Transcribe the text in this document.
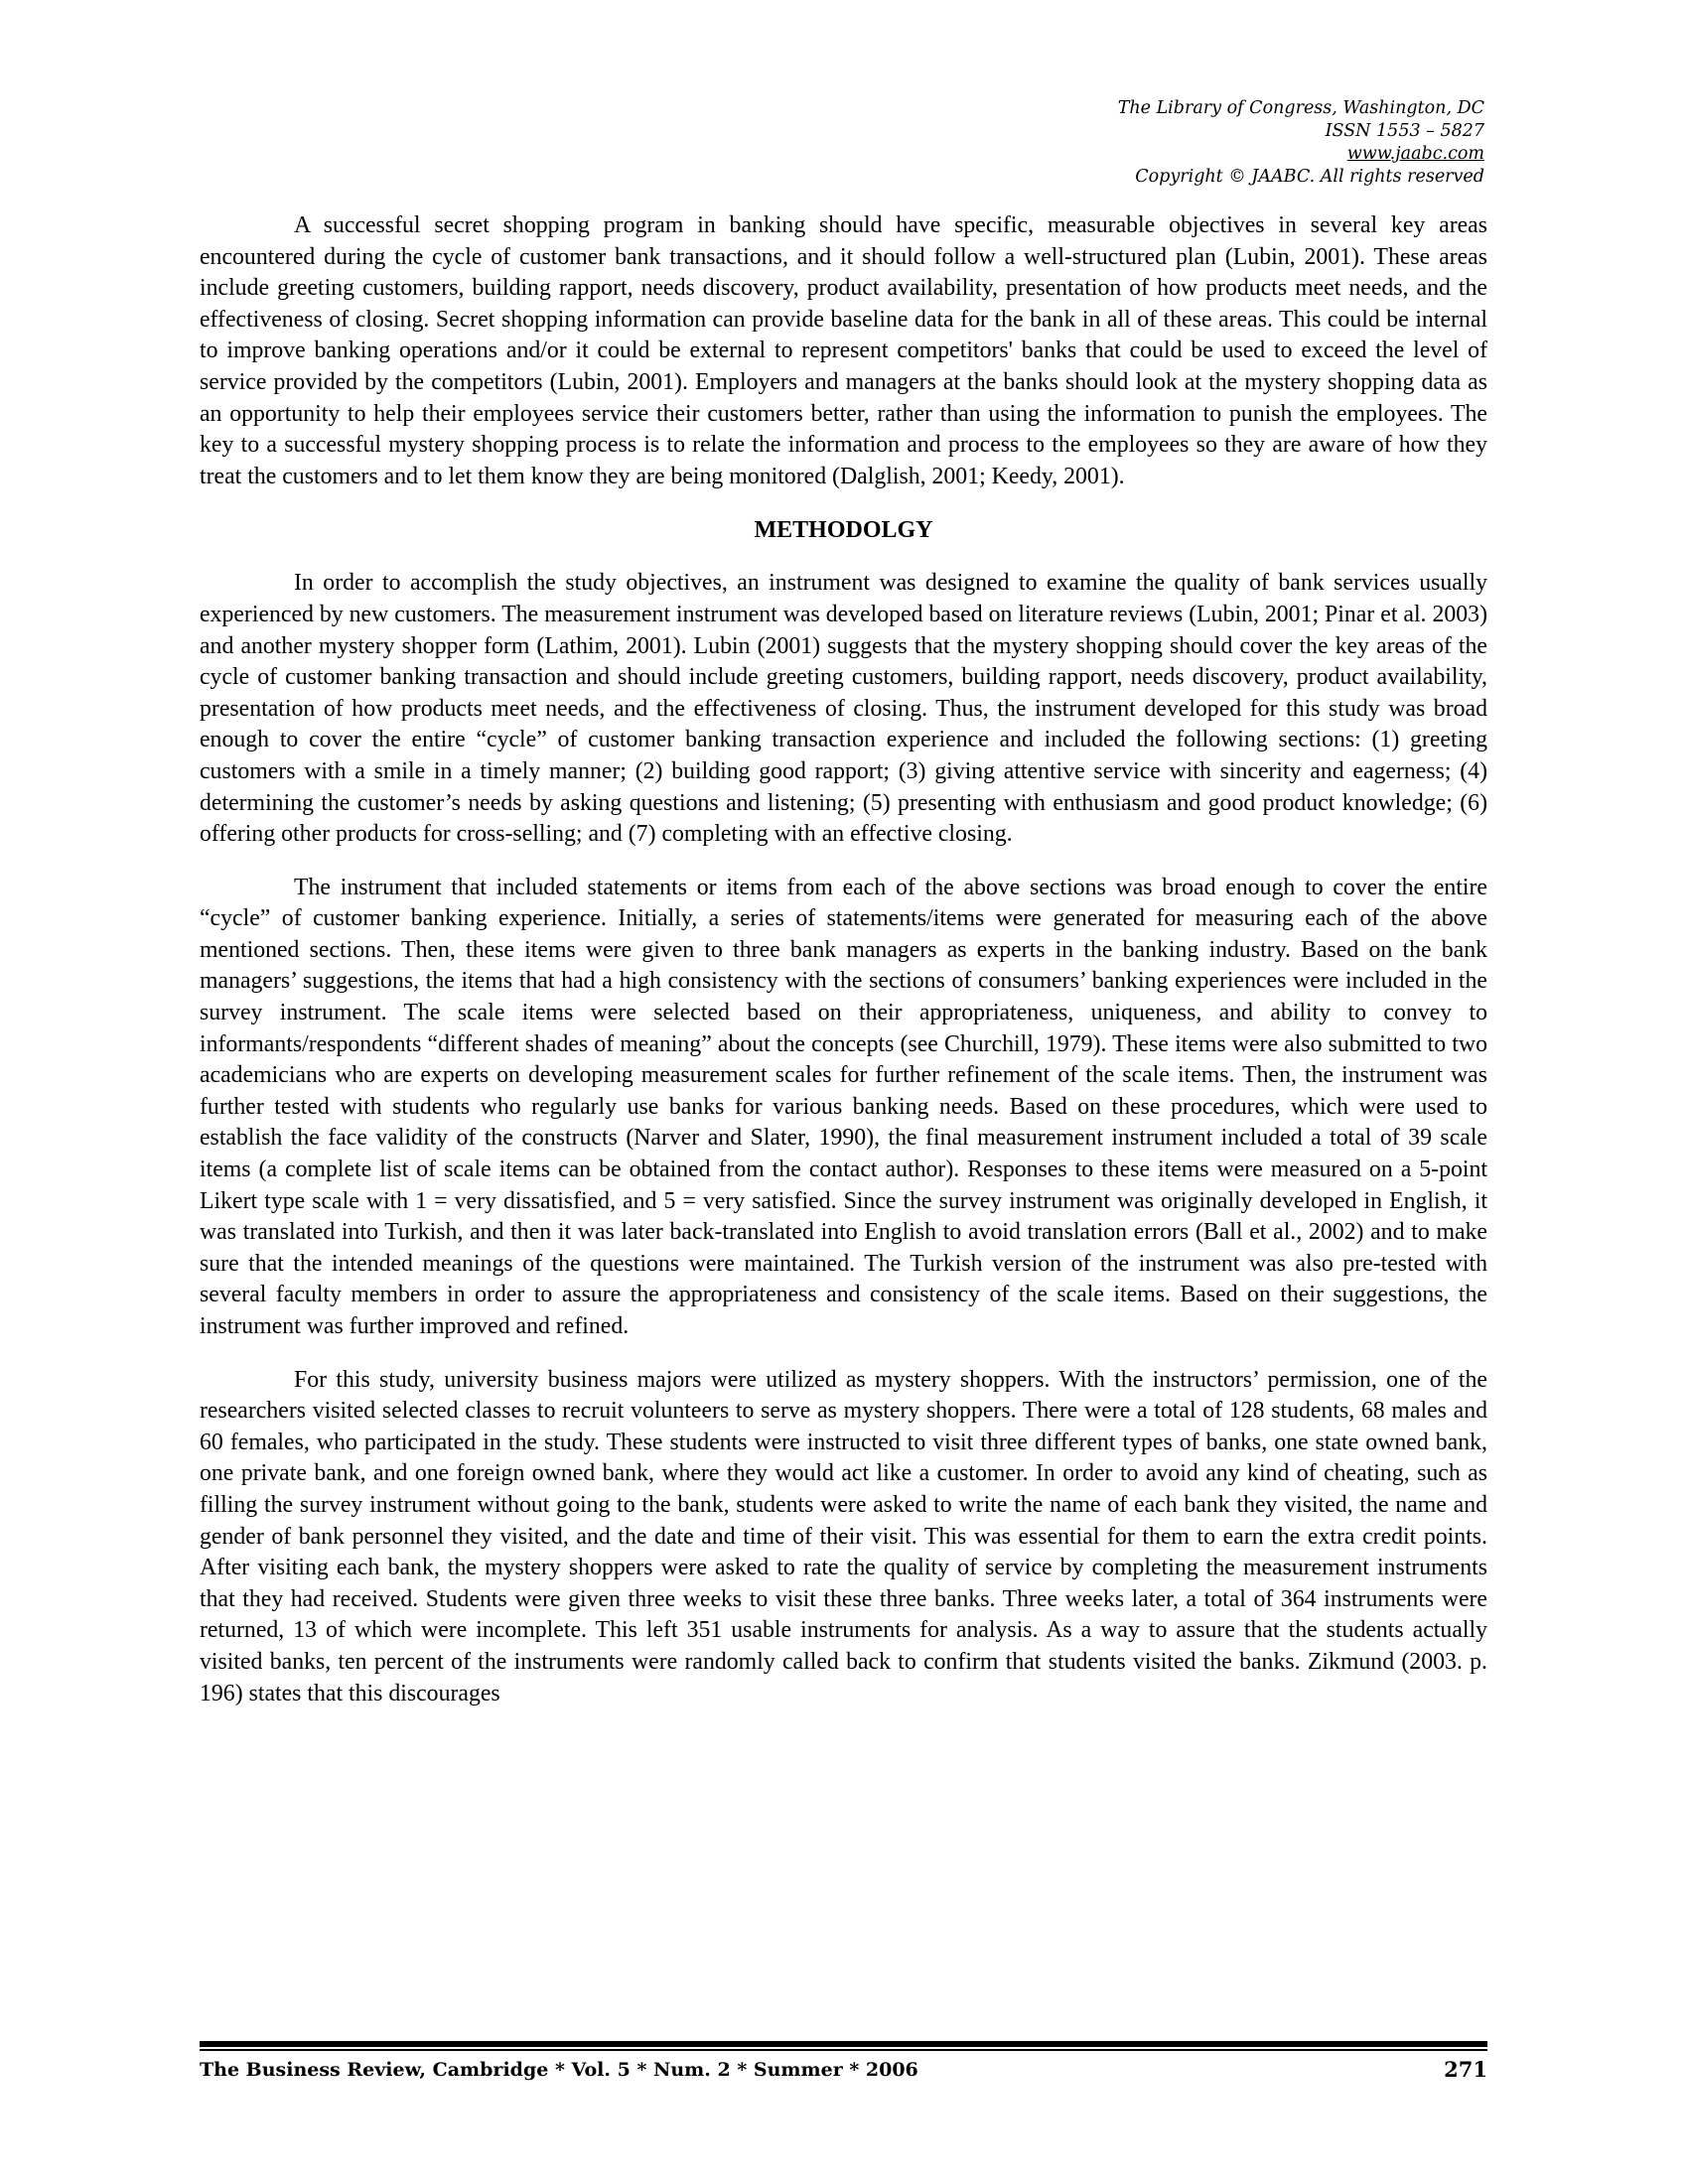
The Library of Congress, Washington, DC
ISSN 1553 – 5827
www.jaabc.com
Copyright © JAABC. All rights reserved

A successful secret shopping program in banking should have specific, measurable objectives in several key areas encountered during the cycle of customer bank transactions, and it should follow a well-structured plan (Lubin, 2001). These areas include greeting customers, building rapport, needs discovery, product availability, presentation of how products meet needs, and the effectiveness of closing. Secret shopping information can provide baseline data for the bank in all of these areas. This could be internal to improve banking operations and/or it could be external to represent competitors' banks that could be used to exceed the level of service provided by the competitors (Lubin, 2001). Employers and managers at the banks should look at the mystery shopping data as an opportunity to help their employees service their customers better, rather than using the information to punish the employees. The key to a successful mystery shopping process is to relate the information and process to the employees so they are aware of how they treat the customers and to let them know they are being monitored (Dalglish, 2001; Keedy, 2001).

METHODOLGY

In order to accomplish the study objectives, an instrument was designed to examine the quality of bank services usually experienced by new customers. The measurement instrument was developed based on literature reviews (Lubin, 2001; Pinar et al. 2003) and another mystery shopper form (Lathim, 2001). Lubin (2001) suggests that the mystery shopping should cover the key areas of the cycle of customer banking transaction and should include greeting customers, building rapport, needs discovery, product availability, presentation of how products meet needs, and the effectiveness of closing. Thus, the instrument developed for this study was broad enough to cover the entire “cycle” of customer banking transaction experience and included the following sections: (1) greeting customers with a smile in a timely manner; (2) building good rapport; (3) giving attentive service with sincerity and eagerness; (4) determining the customer’s needs by asking questions and listening; (5) presenting with enthusiasm and good product knowledge; (6) offering other products for cross-selling; and (7) completing with an effective closing.

The instrument that included statements or items from each of the above sections was broad enough to cover the entire “cycle” of customer banking experience. Initially, a series of statements/items were generated for measuring each of the above mentioned sections. Then, these items were given to three bank managers as experts in the banking industry. Based on the bank managers’ suggestions, the items that had a high consistency with the sections of consumers’ banking experiences were included in the survey instrument. The scale items were selected based on their appropriateness, uniqueness, and ability to convey to informants/respondents “different shades of meaning” about the concepts (see Churchill, 1979). These items were also submitted to two academicians who are experts on developing measurement scales for further refinement of the scale items. Then, the instrument was further tested with students who regularly use banks for various banking needs. Based on these procedures, which were used to establish the face validity of the constructs (Narver and Slater, 1990), the final measurement instrument included a total of 39 scale items (a complete list of scale items can be obtained from the contact author). Responses to these items were measured on a 5-point Likert type scale with 1 = very dissatisfied, and 5 = very satisfied. Since the survey instrument was originally developed in English, it was translated into Turkish, and then it was later back-translated into English to avoid translation errors (Ball et al., 2002) and to make sure that the intended meanings of the questions were maintained. The Turkish version of the instrument was also pre-tested with several faculty members in order to assure the appropriateness and consistency of the scale items. Based on their suggestions, the instrument was further improved and refined.

For this study, university business majors were utilized as mystery shoppers. With the instructors’ permission, one of the researchers visited selected classes to recruit volunteers to serve as mystery shoppers. There were a total of 128 students, 68 males and 60 females, who participated in the study. These students were instructed to visit three different types of banks, one state owned bank, one private bank, and one foreign owned bank, where they would act like a customer. In order to avoid any kind of cheating, such as filling the survey instrument without going to the bank, students were asked to write the name of each bank they visited, the name and gender of bank personnel they visited, and the date and time of their visit. This was essential for them to earn the extra credit points. After visiting each bank, the mystery shoppers were asked to rate the quality of service by completing the measurement instruments that they had received. Students were given three weeks to visit these three banks. Three weeks later, a total of 364 instruments were returned, 13 of which were incomplete. This left 351 usable instruments for analysis. As a way to assure that the students actually visited banks, ten percent of the instruments were randomly called back to confirm that students visited the banks. Zikmund (2003. p. 196) states that this discourages

The Business Review, Cambridge * Vol. 5 * Num. 2 * Summer * 2006	271
